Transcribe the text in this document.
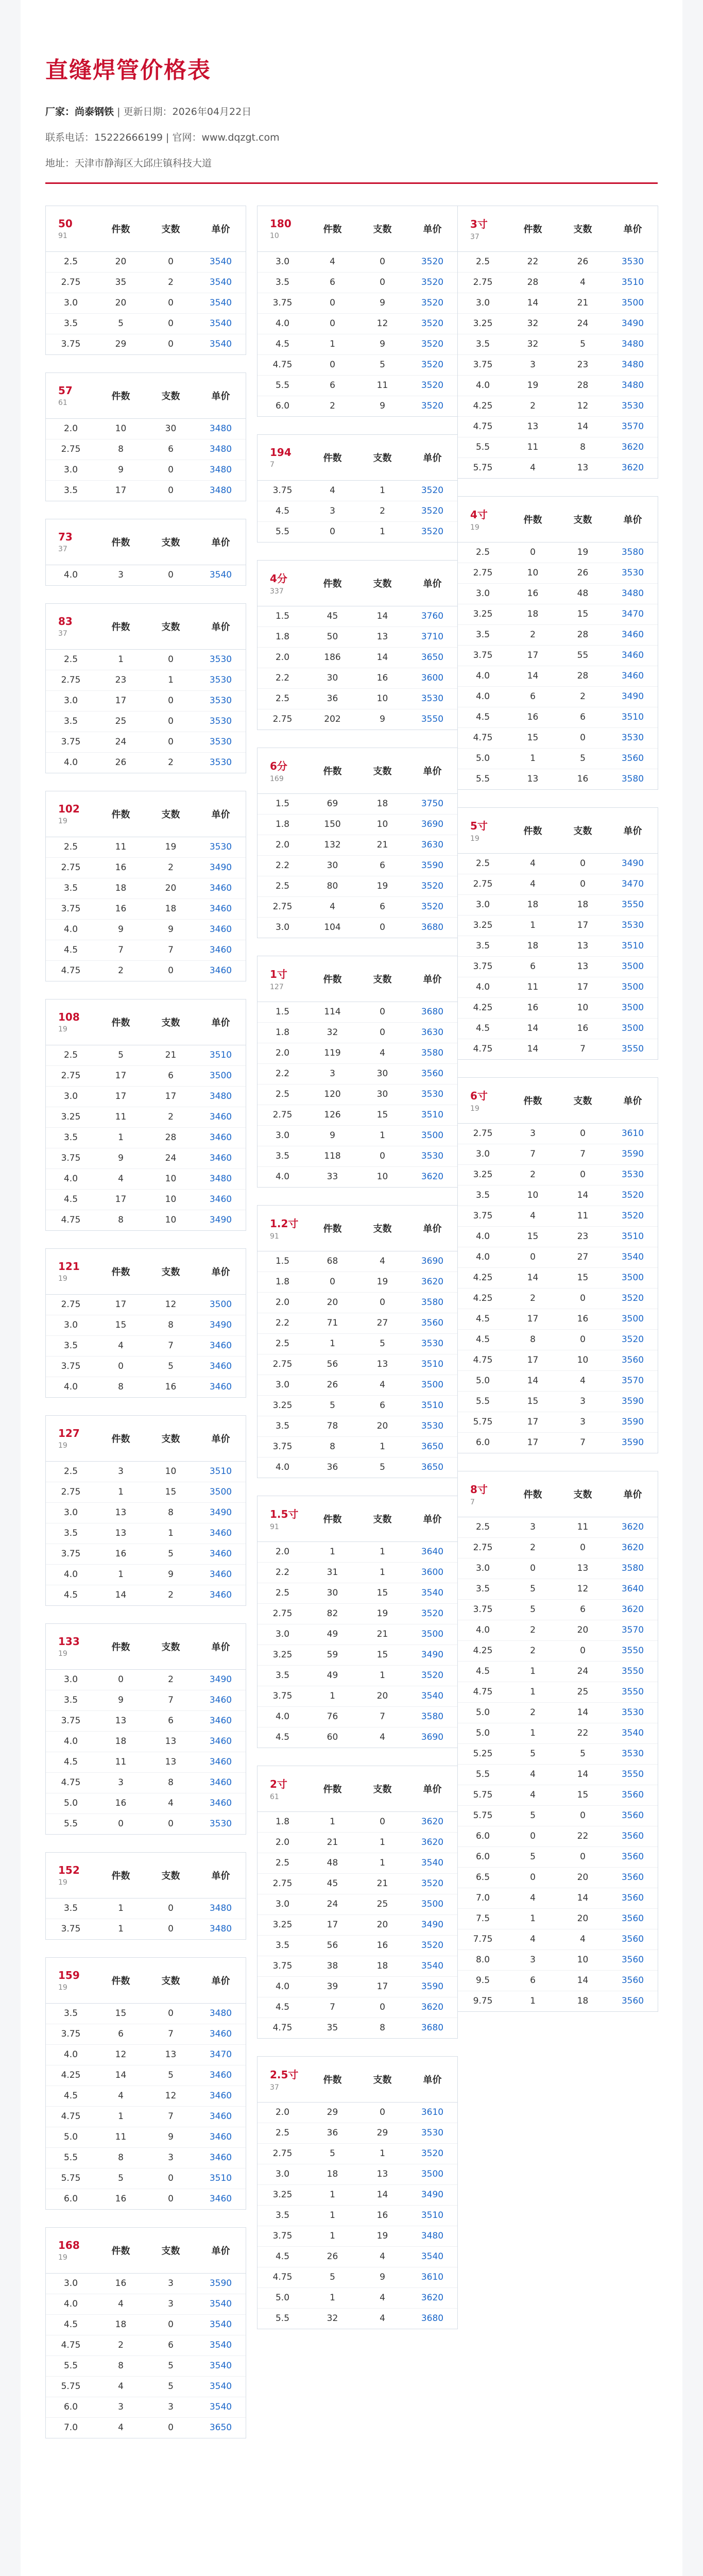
直缝焊管价格表
厂家：尚泰钢铁 | 更新日期：2026年04月22日
联系电话：15222666199 | 官网：www.dqzgt.com
地址：天津市静海区大邱庄镇科技大道
50
91	件数	支数	单价
2.5	20	0	3540
2.75	35	2	3540
3.0	20	0	3540
3.5	5	0	3540
3.75	29	0	3540
57
61	件数	支数	单价
2.0	10	30	3480
2.75	8	6	3480
3.0	9	0	3480
3.5	17	0	3480
73
37	件数	支数	单价
4.0	3	0	3540
83
37	件数	支数	单价
2.5	1	0	3530
2.75	23	1	3530
3.0	17	0	3530
3.5	25	0	3530
3.75	24	0	3530
4.0	26	2	3530
102
19	件数	支数	单价
2.5	11	19	3530
2.75	16	2	3490
3.5	18	20	3460
3.75	16	18	3460
4.0	9	9	3460
4.5	7	7	3460
4.75	2	0	3460
108
19	件数	支数	单价
2.5	5	21	3510
2.75	17	6	3500
3.0	17	17	3480
3.25	11	2	3460
3.5	1	28	3460
3.75	9	24	3460
4.0	4	10	3480
4.5	17	10	3460
4.75	8	10	3490
121
19	件数	支数	单价
2.75	17	12	3500
3.0	15	8	3490
3.5	4	7	3460
3.75	0	5	3460
4.0	8	16	3460
127
19	件数	支数	单价
2.5	3	10	3510
2.75	1	15	3500
3.0	13	8	3490
3.5	13	1	3460
3.75	16	5	3460
4.0	1	9	3460
4.5	14	2	3460
133
19	件数	支数	单价
3.0	0	2	3490
3.5	9	7	3460
3.75	13	6	3460
4.0	18	13	3460
4.5	11	13	3460
4.75	3	8	3460
5.0	16	4	3460
5.5	0	0	3530
152
19	件数	支数	单价
3.5	1	0	3480
3.75	1	0	3480
159
19	件数	支数	单价
3.5	15	0	3480
3.75	6	7	3460
4.0	12	13	3470
4.25	14	5	3460
4.5	4	12	3460
4.75	1	7	3460
5.0	11	9	3460
5.5	8	3	3460
5.75	5	0	3510
6.0	16	0	3460
168
19	件数	支数	单价
3.0	16	3	3590
4.0	4	3	3540
4.5	18	0	3540
4.75	2	6	3540
5.5	8	5	3540
5.75	4	5	3540
6.0	3	3	3540
7.0	4	0	3650
180
10	件数	支数	单价
3.0	4	0	3520
3.5	6	0	3520
3.75	0	9	3520
4.0	0	12	3520
4.5	1	9	3520
4.75	0	5	3520
5.5	6	11	3520
6.0	2	9	3520
194
7	件数	支数	单价
3.75	4	1	3520
4.5	3	2	3520
5.5	0	1	3520
4分
337	件数	支数	单价
1.5	45	14	3760
1.8	50	13	3710
2.0	186	14	3650
2.2	30	16	3600
2.5	36	10	3530
2.75	202	9	3550
6分
169	件数	支数	单价
1.5	69	18	3750
1.8	150	10	3690
2.0	132	21	3630
2.2	30	6	3590
2.5	80	19	3520
2.75	4	6	3520
3.0	104	0	3680
1寸
127	件数	支数	单价
1.5	114	0	3680
1.8	32	0	3630
2.0	119	4	3580
2.2	3	30	3560
2.5	120	30	3530
2.75	126	15	3510
3.0	9	1	3500
3.5	118	0	3530
4.0	33	10	3620
1.2寸
91	件数	支数	单价
1.5	68	4	3690
1.8	0	19	3620
2.0	20	0	3580
2.2	71	27	3560
2.5	1	5	3530
2.75	56	13	3510
3.0	26	4	3500
3.25	5	6	3510
3.5	78	20	3530
3.75	8	1	3650
4.0	36	5	3650
1.5寸
91	件数	支数	单价
2.0	1	1	3640
2.2	31	1	3600
2.5	30	15	3540
2.75	82	19	3520
3.0	49	21	3500
3.25	59	15	3490
3.5	49	1	3520
3.75	1	20	3540
4.0	76	7	3580
4.5	60	4	3690
2寸
61	件数	支数	单价
1.8	1	0	3620
2.0	21	1	3620
2.5	48	1	3540
2.75	45	21	3520
3.0	24	25	3500
3.25	17	20	3490
3.5	56	16	3520
3.75	38	18	3540
4.0	39	17	3590
4.5	7	0	3620
4.75	35	8	3680
2.5寸
37	件数	支数	单价
2.0	29	0	3610
2.5	36	29	3530
2.75	5	1	3520
3.0	18	13	3500
3.25	1	14	3490
3.5	1	16	3510
3.75	1	19	3480
4.5	26	4	3540
4.75	5	9	3610
5.0	1	4	3620
5.5	32	4	3680
3寸
37	件数	支数	单价
2.5	22	26	3530
2.75	28	4	3510
3.0	14	21	3500
3.25	32	24	3490
3.5	32	5	3480
3.75	3	23	3480
4.0	19	28	3480
4.25	2	12	3530
4.75	13	14	3570
5.5	11	8	3620
5.75	4	13	3620
4寸
19	件数	支数	单价
2.5	0	19	3580
2.75	10	26	3530
3.0	16	48	3480
3.25	18	15	3470
3.5	2	28	3460
3.75	17	55	3460
4.0	14	28	3460
4.0	6	2	3490
4.5	16	6	3510
4.75	15	0	3530
5.0	1	5	3560
5.5	13	16	3580
5寸
19	件数	支数	单价
2.5	4	0	3490
2.75	4	0	3470
3.0	18	18	3550
3.25	1	17	3530
3.5	18	13	3510
3.75	6	13	3500
4.0	11	17	3500
4.25	16	10	3500
4.5	14	16	3500
4.75	14	7	3550
6寸
19	件数	支数	单价
2.75	3	0	3610
3.0	7	7	3590
3.25	2	0	3530
3.5	10	14	3520
3.75	4	11	3520
4.0	15	23	3510
4.0	0	27	3540
4.25	14	15	3500
4.25	2	0	3520
4.5	17	16	3500
4.5	8	0	3520
4.75	17	10	3560
5.0	14	4	3570
5.5	15	3	3590
5.75	17	3	3590
6.0	17	7	3590
8寸
7	件数	支数	单价
2.5	3	11	3620
2.75	2	0	3620
3.0	0	13	3580
3.5	5	12	3640
3.75	5	6	3620
4.0	2	20	3570
4.25	2	0	3550
4.5	1	24	3550
4.75	1	25	3550
5.0	2	14	3530
5.0	1	22	3540
5.25	5	5	3530
5.5	4	14	3550
5.75	4	15	3560
5.75	5	0	3560
6.0	0	22	3560
6.0	5	0	3560
6.5	0	20	3560
7.0	4	14	3560
7.5	1	20	3560
7.75	4	4	3560
8.0	3	10	3560
9.5	6	14	3560
9.75	1	18	3560
